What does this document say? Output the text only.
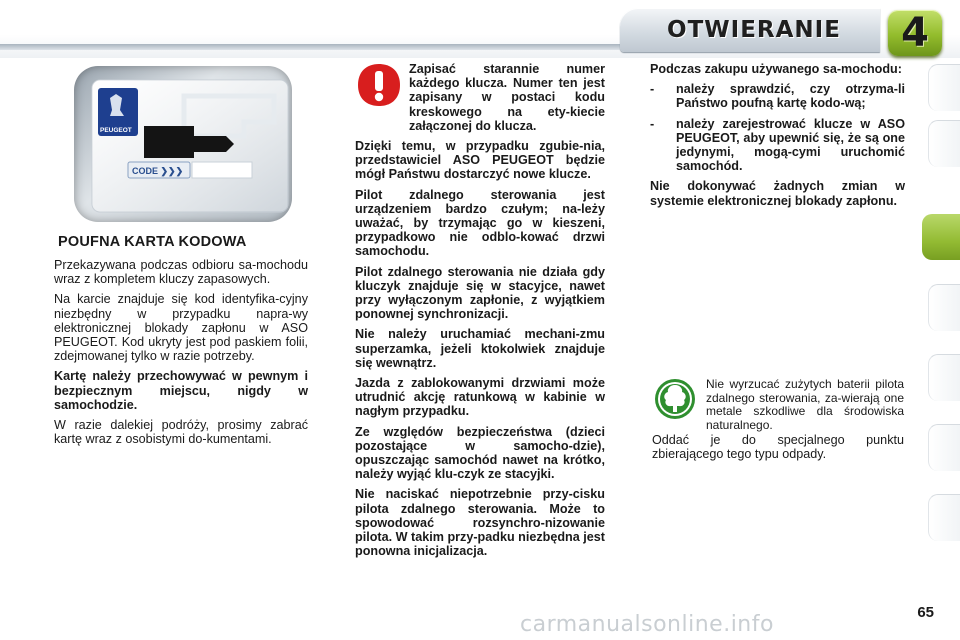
OTWIERANIE	4
PEUGEOT
CODE ❯❯❯
POUFNA KARTA KODOWA

Przekazywana podczas odbioru sa-mochodu wraz z kompletem kluczy zapasowych.

Na karcie znajduje się kod identyfika-cyjny niezbędny w przypadku napra-wy elektronicznej blokady zapłonu w ASO PEUGEOT. Kod ukryty jest pod paskiem folii, zdejmowanej tylko w razie potrzeby.

Kartę należy przechowywać w pewnym i bezpiecznym miejscu, nigdy w samochodzie.

W razie dalekiej podróży, prosimy zabrać kartę wraz z osobistymi do-kumentami.

Zapisać starannie numer każdego klucza. Numer ten jest zapisany w postaci kodu kreskowego na ety-kiecie załączonej do klucza.

Dzięki temu, w przypadku zgubie-nia, przedstawiciel ASO PEUGEOT będzie mógł Państwu dostarczyć nowe klucze.

Pilot zdalnego sterowania jest urządzeniem bardzo czułym; na-leży uważać, by trzymając go w kieszeni, przypadkowo nie odblo-kować drzwi samochodu.

Pilot zdalnego sterowania nie działa gdy kluczyk znajduje się w stacyjce, nawet przy wyłączonym zapłonie, z wyjątkiem ponownej synchronizacji.

Nie należy uruchamiać mechani-zmu superzamka, jeżeli ktokolwiek znajduje się wewnątrz.

Jazda z zablokowanymi drzwiami może utrudnić akcję ratunkową w kabinie w nagłym przypadku.

Ze względów bezpieczeństwa (dzieci pozostające w samocho-dzie), opuszczając samochód nawet na krótko, należy wyjąć klu-czyk ze stacyjki.

Nie naciskać niepotrzebnie przy-cisku pilota zdalnego sterowania. Może to spowodować rozsynchro-nizowanie pilota. W takim przy-padku niezbędna jest ponowna inicjalizacja.

Podczas zakupu używanego sa-mochodu:

- należy sprawdzić, czy otrzyma-li Państwo poufną kartę kodo-wą;
- należy zarejestrować klucze w ASO PEUGEOT, aby upewnić się, że są one jedynymi, mogą-cymi uruchomić samochód.

Nie dokonywać żadnych zmian w systemie elektronicznej blokady zapłonu.

Nie wyrzucać zużytych baterii pilota zdalnego sterowania, za-wierają one metale szkodliwe dla środowiska naturalnego.
Oddać je do specjalnego punktu zbierającego tego typu odpady.
carmanualsonline.info	65
